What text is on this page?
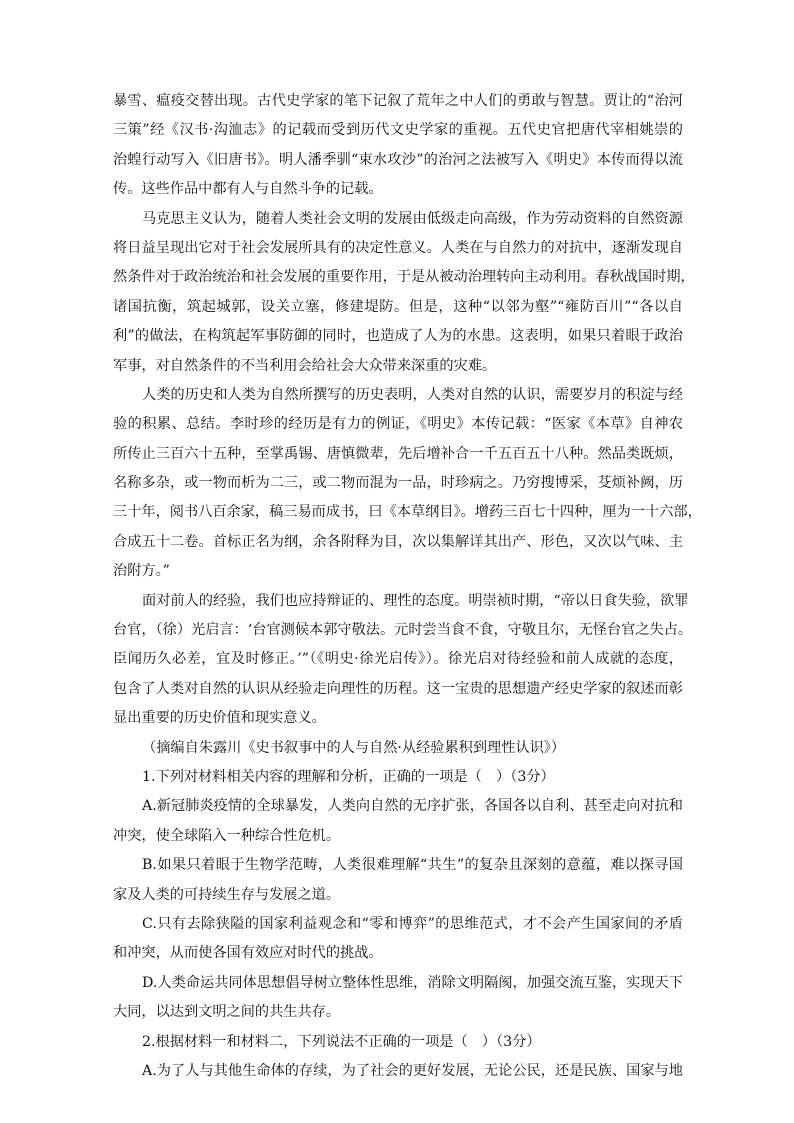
暴雪、瘟疫交替出现。古代史学家的笔下记叙了荒年之中人们的勇敢与智慧。贾让的“治河
三策”经《汉书·沟洫志》的记载而受到历代文史学家的重视。五代史官把唐代宰相姚崇的
治蝗行动写入《旧唐书》。明人潘季驯“束水攻沙”的治河之法被写入《明史》本传而得以流
传。这些作品中都有人与自然斗争的记载。
马克思主义认为，随着人类社会文明的发展由低级走向高级，作为劳动资料的自然资源
将日益呈现出它对于社会发展所具有的决定性意义。人类在与自然力的对抗中，逐渐发现自
然条件对于政治统治和社会发展的重要作用，于是从被动治理转向主动利用。春秋战国时期，
诸国抗衡，筑起城郭，设关立塞，修建堤防。但是，这种“以邻为壑”“雍防百川”“各以自
利”的做法，在构筑起军事防御的同时，也造成了人为的水患。这表明，如果只着眼于政治
军事，对自然条件的不当利用会给社会大众带来深重的灾难。
人类的历史和人类为自然所撰写的历史表明，人类对自然的认识，需要岁月的积淀与经
验的积累、总结。李时珍的经历是有力的例证，《明史》本传记载：“医家《本草》自神农
所传止三百六十五种，至掌禹锡、唐慎微辈，先后增补合一千五百五十八种。然品类既烦，
名称多杂，或一物而析为二三，或二物而混为一品，时珍病之。乃穷搜博采，芟烦补阙，历
三十年，阅书八百余家，稿三易而成书，曰《本草纲目》。增药三百七十四种，厘为一十六部，
合成五十二卷。首标正名为纲，余各附释为目，次以集解详其出产、形色，又次以气味、主
治附方。”
面对前人的经验，我们也应持辩证的、理性的态度。明崇祯时期，“帝以日食失验，欲罪
台官，（徐）光启言：‘台官测候本郭守敬法。元时尝当食不食，守敬且尔，无怪台官之失占。
臣闻历久必差，宜及时修正。’”（《明史·徐光启传》）。徐光启对待经验和前人成就的态度，
包含了人类对自然的认识从经验走向理性的历程。这一宝贵的思想遗产经史学家的叙述而彰
显出重要的历史价值和现实意义。
（摘编自朱露川《史书叙事中的人与自然·从经验累积到理性认识》）
1.下列对材料相关内容的理解和分析，正确的一项是（　）（3分）
A.新冠肺炎疫情的全球暴发，人类向自然的无序扩张，各国各以自利、甚至走向对抗和
冲突，使全球陷入一种综合性危机。
B.如果只着眼于生物学范畴，人类很难理解“共生”的复杂且深刻的意蕴，难以探寻国
家及人类的可持续生存与发展之道。
C.只有去除狭隘的国家利益观念和“零和博弈”的思维范式，才不会产生国家间的矛盾
和冲突，从而使各国有效应对时代的挑战。
D.人类命运共同体思想倡导树立整体性思维，消除文明隔阂，加强交流互鉴，实现天下
大同，以达到文明之间的共生共存。
2.根据材料一和材料二，下列说法不正确的一项是（　）（3分）
A.为了人与其他生命体的存续，为了社会的更好发展，无论公民，还是民族、国家与地
